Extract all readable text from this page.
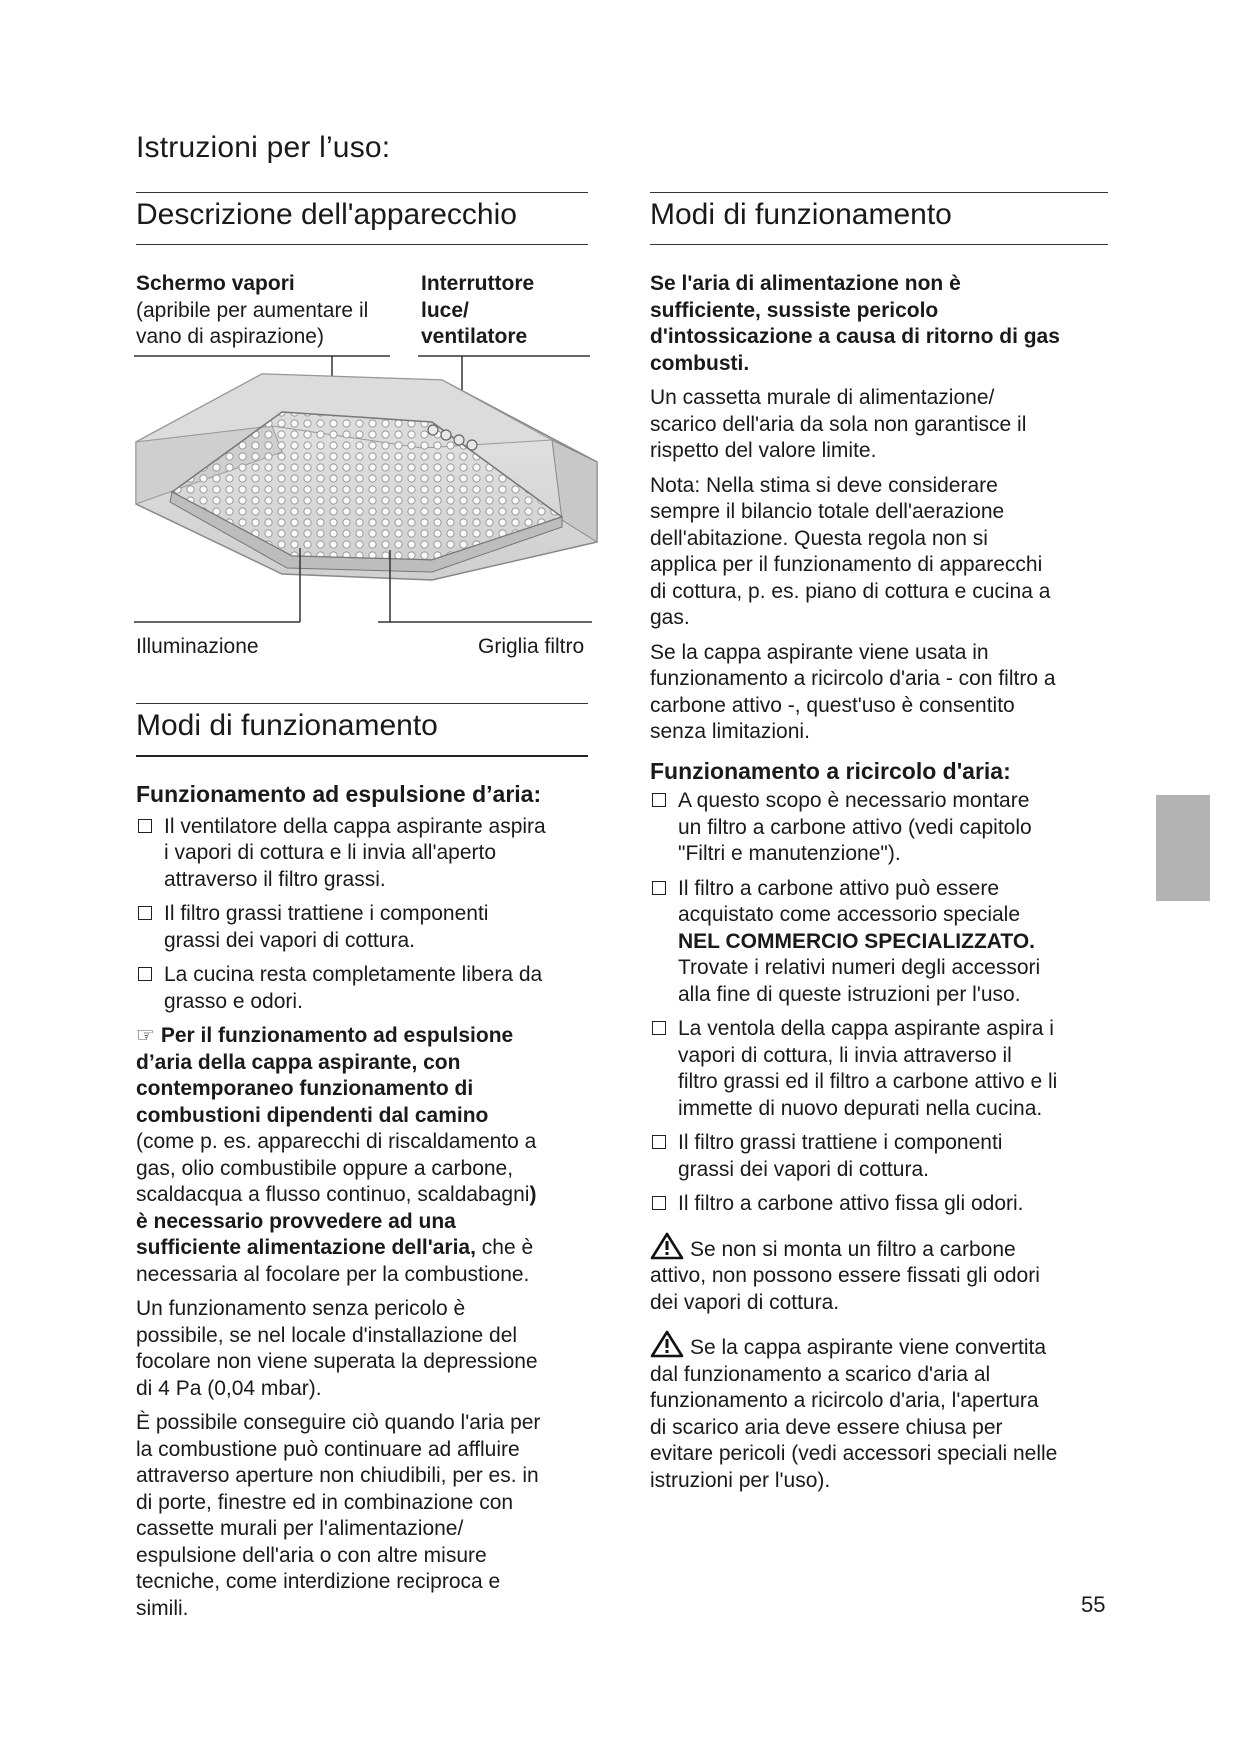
Istruzioni per l’uso:
Descrizione dell'apparecchio
Schermo vapori
(apribile per aumentare il
vano di aspirazione)
Interruttore
luce/
ventilatore
Illuminazione	Griglia filtro
Modi di funzionamento
Funzionamento ad espulsione d’aria:
Il ventilatore della cappa aspirante aspira
i vapori di cottura e li invia all'aperto
attraverso il filtro grassi.
Il filtro grassi trattiene i componenti
grassi dei vapori di cottura.
La cucina resta completamente libera da
grasso e odori.
☞ Per il funzionamento ad espulsione
d’aria della cappa aspirante, con
contemporaneo funzionamento di
combustioni dipendenti dal camino
(come p. es. apparecchi di riscaldamento a
gas, olio combustibile oppure a carbone,
scaldacqua a flusso continuo, scaldabagni)
è necessario provvedere ad una
sufficiente alimentazione dell'aria, che è
necessaria al focolare per la combustione.
Un funzionamento senza pericolo è
possibile, se nel locale d'installazione del
focolare non viene superata la depressione
di 4 Pa (0,04 mbar).
È possibile conseguire ciò quando l'aria per
la combustione può continuare ad affluire
attraverso aperture non chiudibili, per es. in
di porte, finestre ed in combinazione con
cassette murali per l'alimentazione/
espulsione dell'aria o con altre misure
tecniche, come interdizione reciproca e
simili.
Modi di funzionamento
Se l'aria di alimentazione non è
sufficiente, sussiste pericolo
d'intossicazione a causa di ritorno di gas
combusti.
Un cassetta murale di alimentazione/
scarico dell'aria da sola non garantisce il
rispetto del valore limite.
Nota: Nella stima si deve considerare
sempre il bilancio totale dell'aerazione
dell'abitazione. Questa regola non si
applica per il funzionamento di apparecchi
di cottura, p. es. piano di cottura e cucina a
gas.
Se la cappa aspirante viene usata in
funzionamento a ricircolo d'aria - con filtro a
carbone attivo -, quest'uso è consentito
senza limitazioni.
Funzionamento a ricircolo d'aria:
A questo scopo è necessario montare
un filtro a carbone attivo (vedi capitolo
"Filtri e manutenzione").
Il filtro a carbone attivo può essere
acquistato come accessorio speciale
NEL COMMERCIO SPECIALIZZATO.
Trovate i relativi numeri degli accessori
alla fine di queste istruzioni per l'uso.
La ventola della cappa aspirante aspira i
vapori di cottura, li invia attraverso il
filtro grassi ed il filtro a carbone attivo e li
immette di nuovo depurati nella cucina.
Il filtro grassi trattiene i componenti
grassi dei vapori di cottura.
Il filtro a carbone attivo fissa gli odori.
Se non si monta un filtro a carbone
attivo, non possono essere fissati gli odori
dei vapori di cottura.
Se la cappa aspirante viene convertita
dal funzionamento a scarico d'aria al
funzionamento a ricircolo d'aria, l'apertura
di scarico aria deve essere chiusa per
evitare pericoli (vedi accessori speciali nelle
istruzioni per l'uso).
55
